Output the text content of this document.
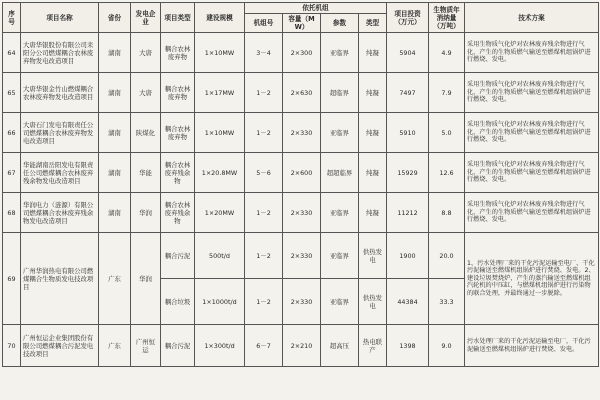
序号	项目名称	省份	发电企业	项目类型	建设规模	依托机组				项目投资（万元）	生物质年消纳量（万吨）	技术方案
						机组号	容量（MW）	参数	类型			
64	大唐华银股份有限公司耒阳分公司燃煤耦合农林废弃物发电改造项目	湖南	大唐	耦合农林废弃物	1×10MW	3－4	2×300	亚临界	纯凝	5904	4.9	采用生物质气化炉对农林废弃残余物进行气化，产生的生物质燃气输送至燃煤机组锅炉进行燃烧、发电。
65	大唐华银金竹山燃煤耦合农林废弃物发电改造项目	湖南	大唐	耦合农林废弃物	1×17MW	1－2	2×630	超临界	纯凝	7497	7.9	采用生物质气化炉对农林废弃残余物进行气化，产生的生物质燃气输送至燃煤机组锅炉进行燃烧、发电。
66	大唐石门发电有限责任公司燃煤耦合农林废弃物发电改造项目	湖南	陕煤化	耦合农林废弃物	1×10MW	1－2	2×330	亚临界	纯凝	5910	5.0	采用生物质气化炉对农林废弃残余物进行气化，产生的生物质燃气输送至燃煤机组锅炉进行燃烧、发电。
67	华能湖南岳阳发电有限责任公司燃煤耦合农林废弃残余物发电改造项目	湖南	华能	耦合农林废弃残余物	1×20.8MW	5－6	2×600	超超临界	纯凝	15929	12.6	采用生物质气化炉对农林废弃残余物进行气化，产生的生物质燃气输送至燃煤机组锅炉进行燃烧、发电。
68	华润电力（涟源）有限公司燃煤耦合农林废弃残余物发电改造项目	湖南	华润	耦合农林废弃残余物	1×20MW	1－2	2×330	亚临界	纯凝	11212	8.8	采用生物质气化炉对农林废弃残余物进行气化，产生的生物质燃气输送至燃煤机组锅炉进行燃烧、发电。
69	广州华润热电有限公司燃煤耦合生物质发电技改项目	广东	华润	耦合污泥	500t/d	1－2	2×330	亚临界	供热发电	1900	20.0	1、污水处理厂来的干化污泥运输至电厂，干化污泥输送至燃煤机组锅炉进行焚烧、发电。2、建设垃圾焚烧炉，产生的蒸汽输送至燃煤机组汽轮机的中压缸，与燃煤机组锅炉进行污染物的联合处理，并最终通过一步脱除。
				耦合垃圾	1×1000t/d	1－2	2×330	亚临界	供热发电	44384	33.3	
70	广州恒运企业集团股份有限公司燃煤耦合污泥发电技改项目	广东	广州恒运	耦合污泥	1×300t/d	6－7	2×210	超高压	热电联产	1398	9.0	污水处理厂来的干化污泥运输至电厂，干化污泥输送至燃煤机组锅炉进行焚烧、发电。
